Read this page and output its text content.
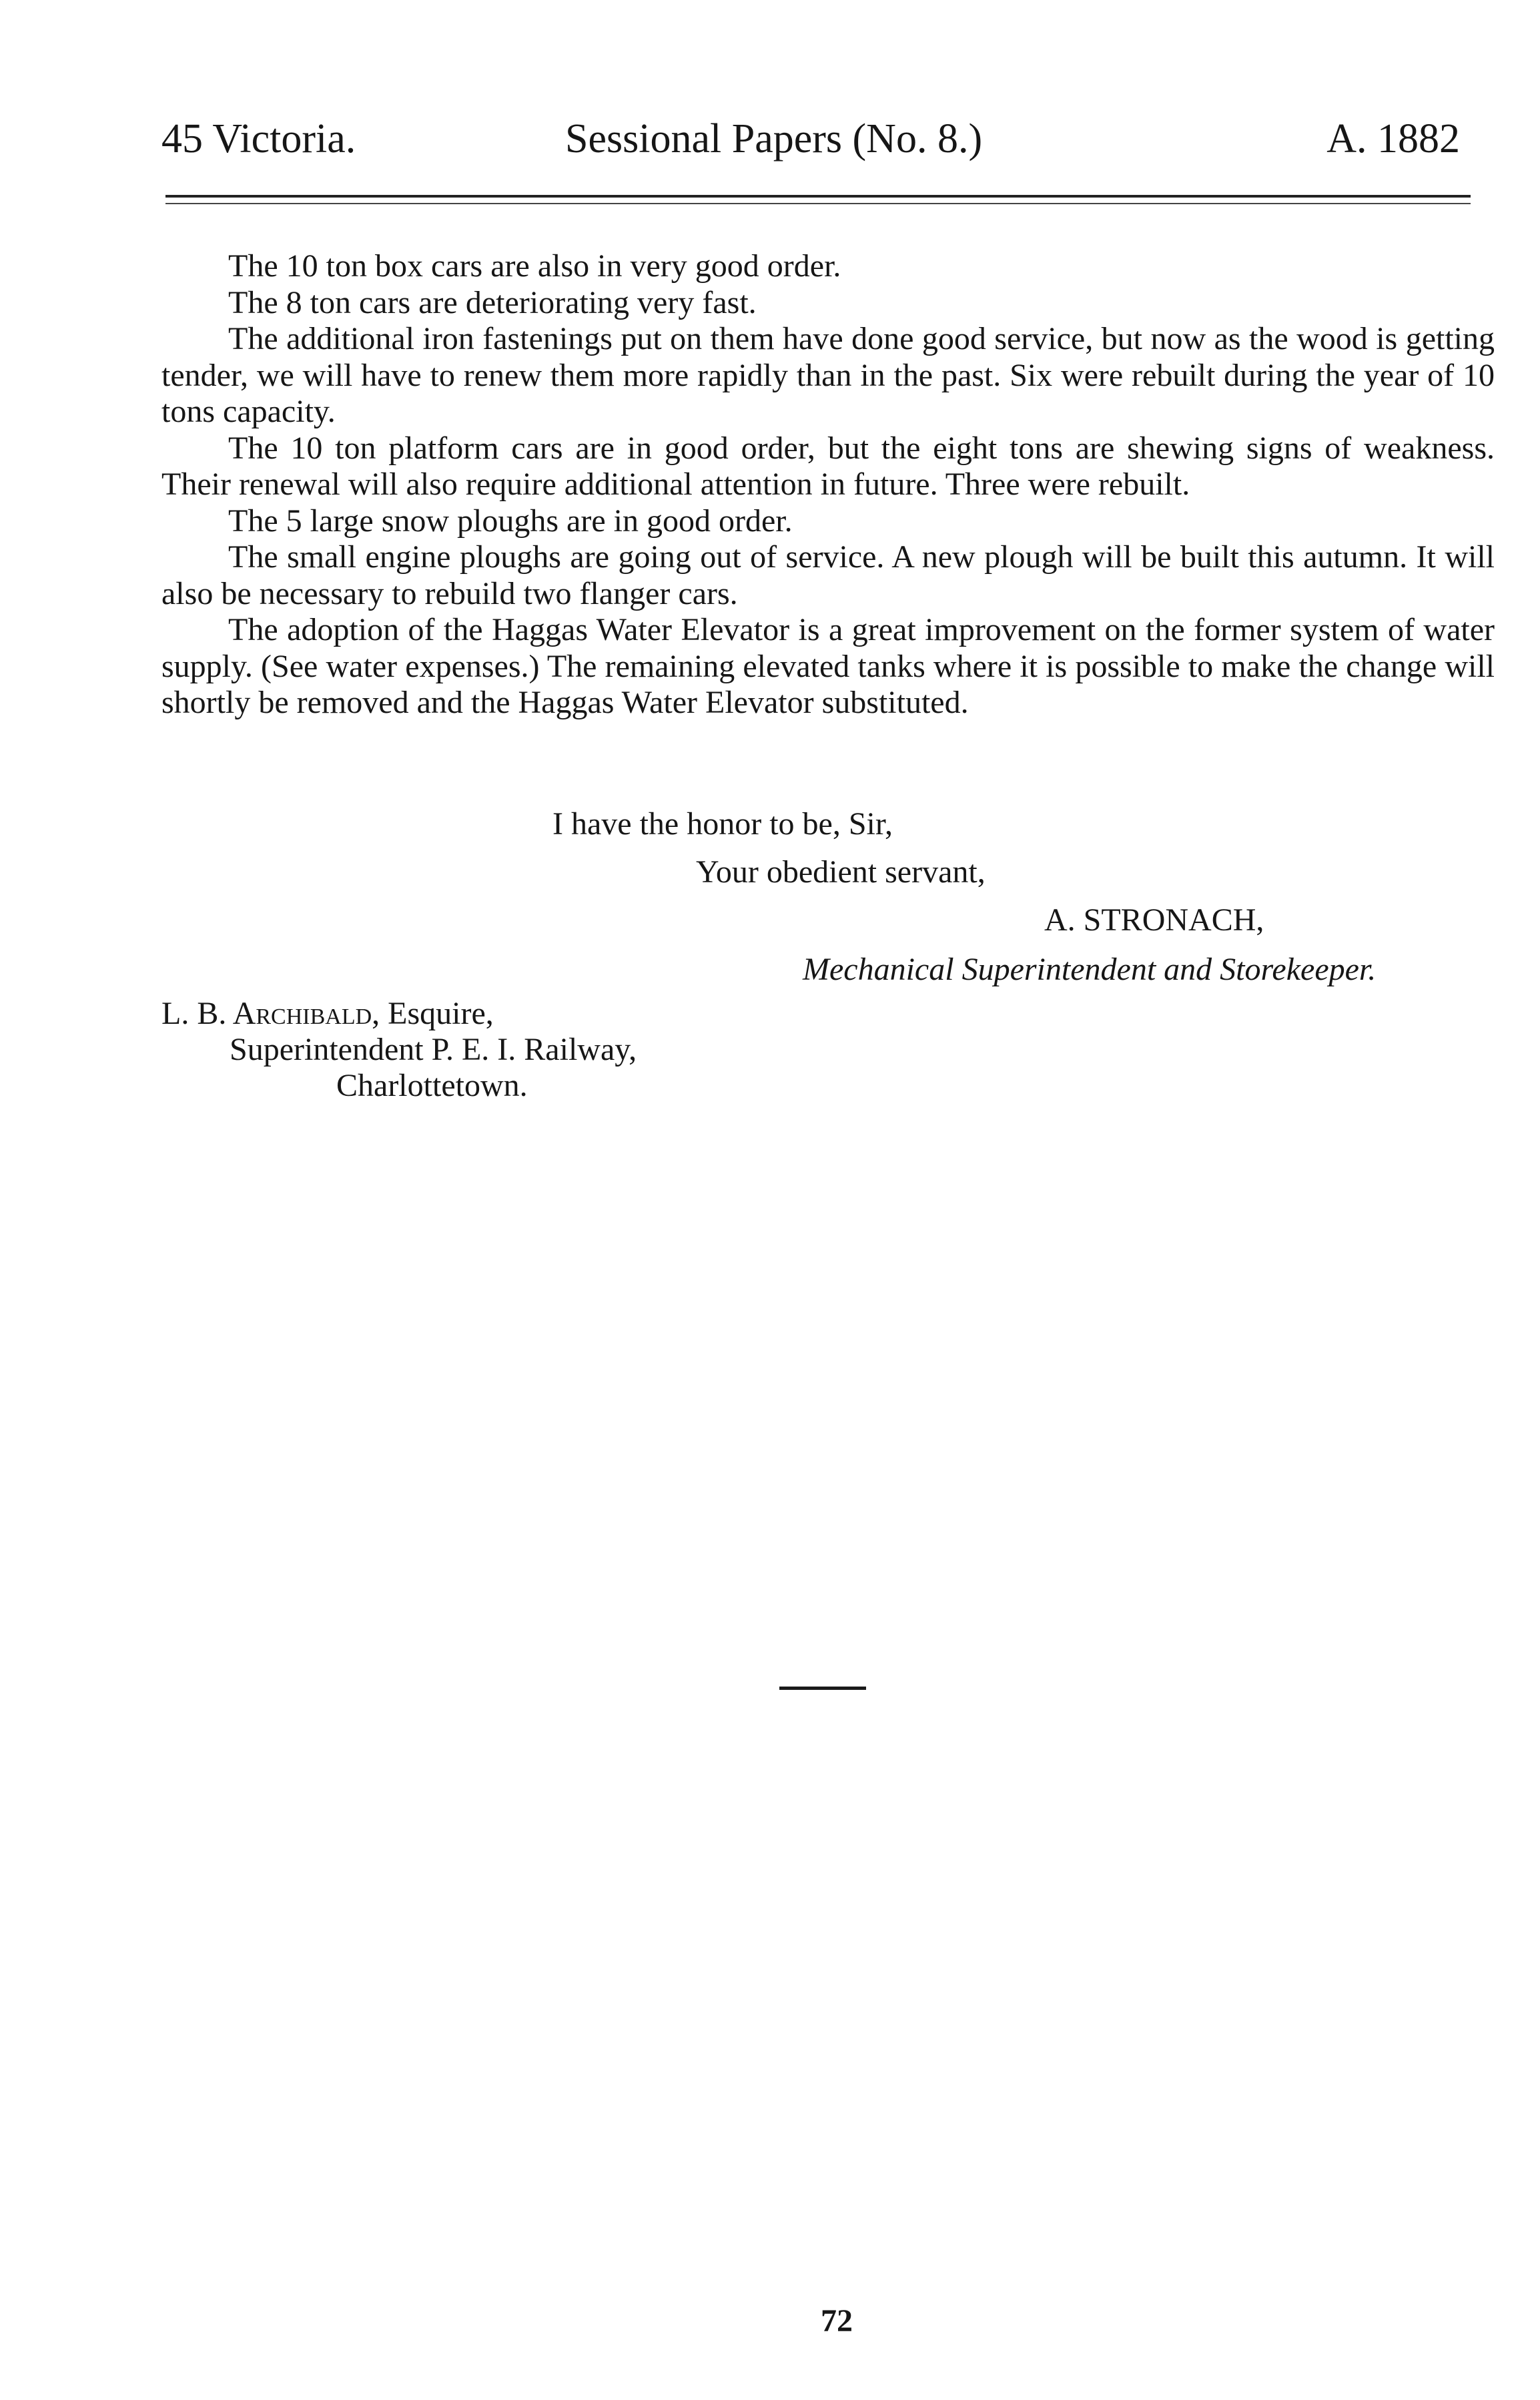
45 Victoria.	Sessional Papers (No. 8.)	A. 1882

The 10 ton box cars are also in very good order.

The 8 ton cars are deteriorating very fast.

The additional iron fastenings put on them have done good service, but now as the wood is getting tender, we will have to renew them more rapidly than in the past. Six were rebuilt during the year of 10 tons capacity.

The 10 ton platform cars are in good order, but the eight tons are shewing signs of weakness. Their renewal will also require additional attention in future. Three were rebuilt.

The 5 large snow ploughs are in good order.

The small engine ploughs are going out of service. A new plough will be built this autumn. It will also be necessary to rebuild two flanger cars.

The adoption of the Haggas Water Elevator is a great improvement on the former system of water supply. (See water expenses.) The remaining elevated tanks where it is possible to make the change will shortly be removed and the Haggas Water Elevator substituted.

I have the honor to be, Sir,
Your obedient servant,
A. STRONACH,
Mechanical Superintendent and Storekeeper.
L. B. Archibald, Esquire,
Superintendent P. E. I. Railway,
Charlottetown.
72
